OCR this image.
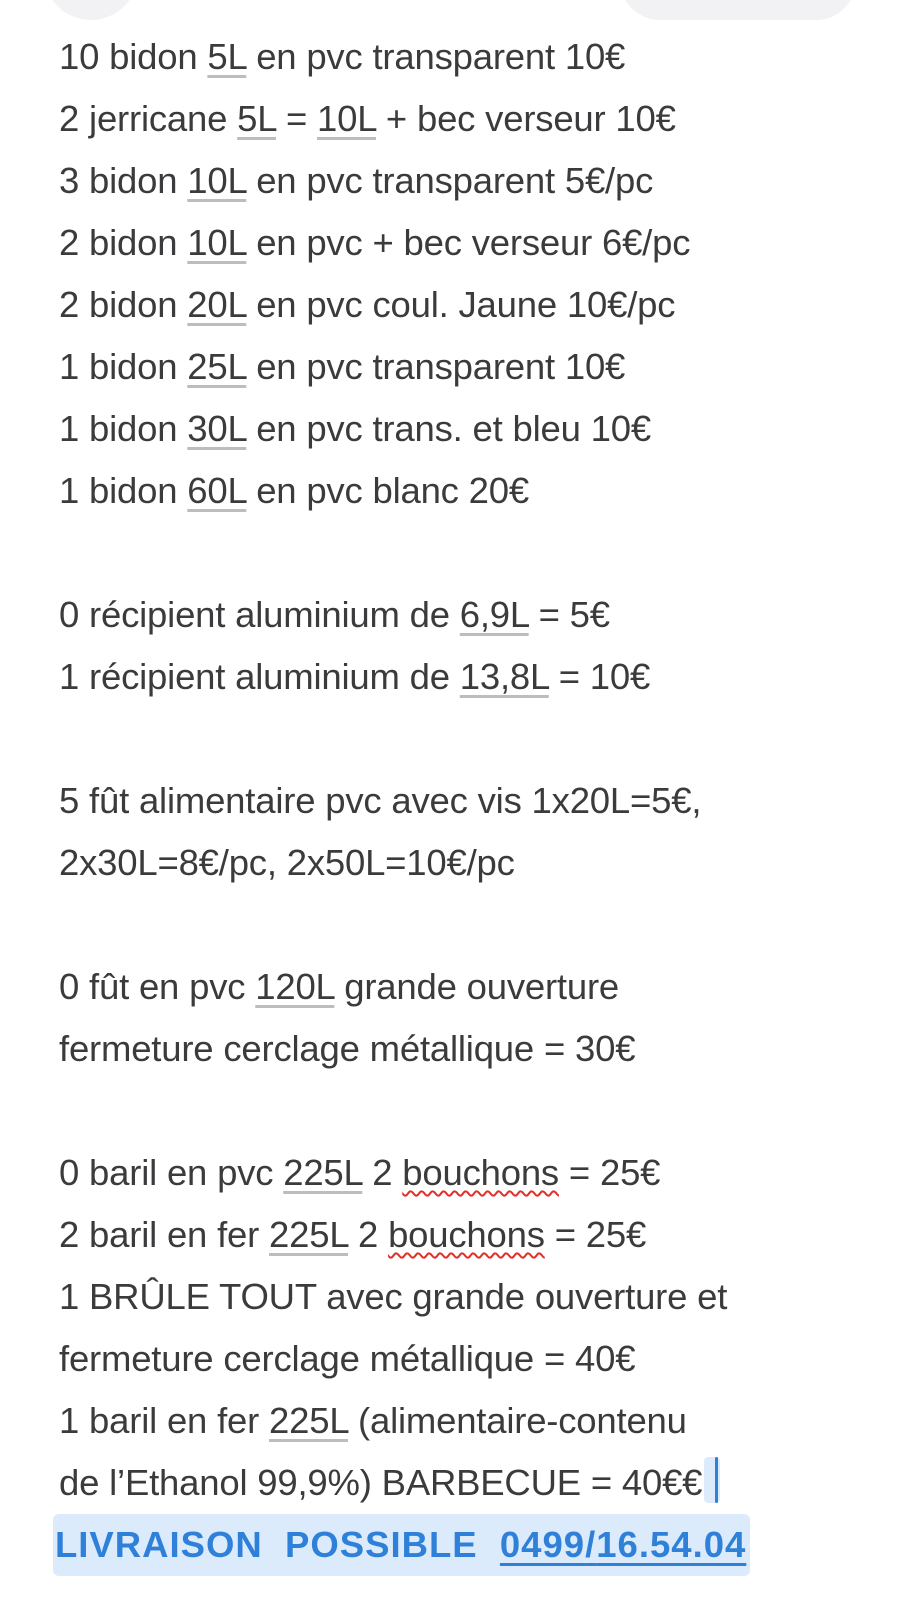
10 bidon 5L en pvc transparent 10€
2 jerricane 5L = 10L + bec verseur 10€
3 bidon 10L en pvc transparent 5€/pc
2 bidon 10L en pvc + bec verseur 6€/pc
2 bidon 20L en pvc coul. Jaune 10€/pc
1 bidon 25L en pvc transparent 10€
1 bidon 30L en pvc trans. et bleu 10€
1 bidon 60L en pvc blanc 20€
0 récipient aluminium de 6,9L = 5€
1 récipient aluminium de 13,8L = 10€
5 fût alimentaire pvc avec vis 1x20L=5€,
2x30L=8€/pc, 2x50L=10€/pc
0 fût en pvc 120L grande ouverture
fermeture cerclage métallique = 30€
0 baril en pvc 225L 2 bouchons = 25€
2 baril en fer 225L 2 bouchons = 25€
1 BRÛLE TOUT avec grande ouverture et
fermeture cerclage métallique = 40€
1 baril en fer 225L (alimentaire-contenu
de l’Ethanol 99,9%) BARBECUE = 40€€
LIVRAISON  POSSIBLE  0499/16.54.04
